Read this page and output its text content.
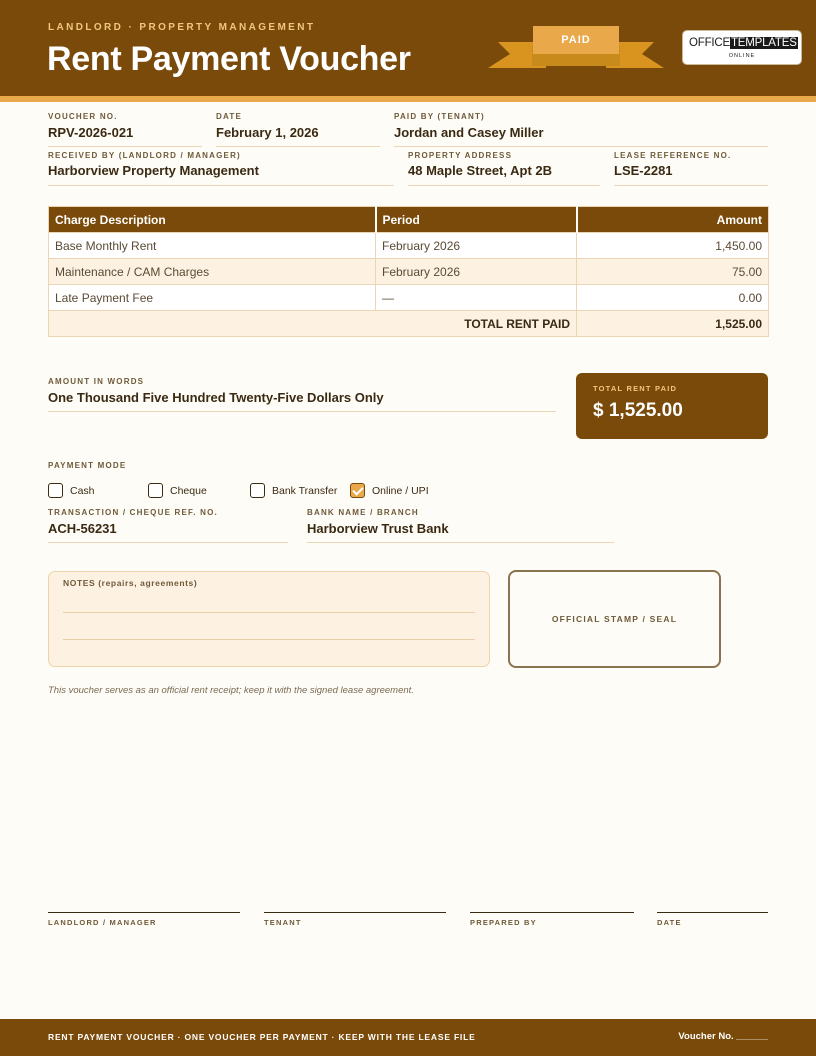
LANDLORD · PROPERTY MANAGEMENT
Rent Payment Voucher	PAID	OFFICETEMPLATES
ONLINE
VOUCHER NO.
RPV-2026-021
DATE
February 1, 2026
PAID BY (TENANT)
Jordan and Casey Miller
RECEIVED BY (LANDLORD / MANAGER)
Harborview Property Management
PROPERTY ADDRESS
48 Maple Street, Apt 2B
LEASE REFERENCE NO.
LSE-2281
Charge Description	Period	Amount
Base Monthly Rent	February 2026	1,450.00
Maintenance / CAM Charges	February 2026	75.00
Late Payment Fee	—	0.00
TOTAL RENT PAID		1,525.00
AMOUNT IN WORDS
One Thousand Five Hundred Twenty-Five Dollars Only
TOTAL RENT PAID
$ 1,525.00
PAYMENT MODE
Cash	Cheque	Bank Transfer	Online / UPI
TRANSACTION / CHEQUE REF. NO.
ACH-56231
BANK NAME / BRANCH
Harborview Trust Bank
NOTES (repairs, agreements)
OFFICIAL STAMP / SEAL
This voucher serves as an official rent receipt; keep it with the signed lease agreement.
LANDLORD / MANAGER	TENANT	PREPARED BY	DATE
RENT PAYMENT VOUCHER · ONE VOUCHER PER PAYMENT · KEEP WITH THE LEASE FILE	Voucher No. ______
